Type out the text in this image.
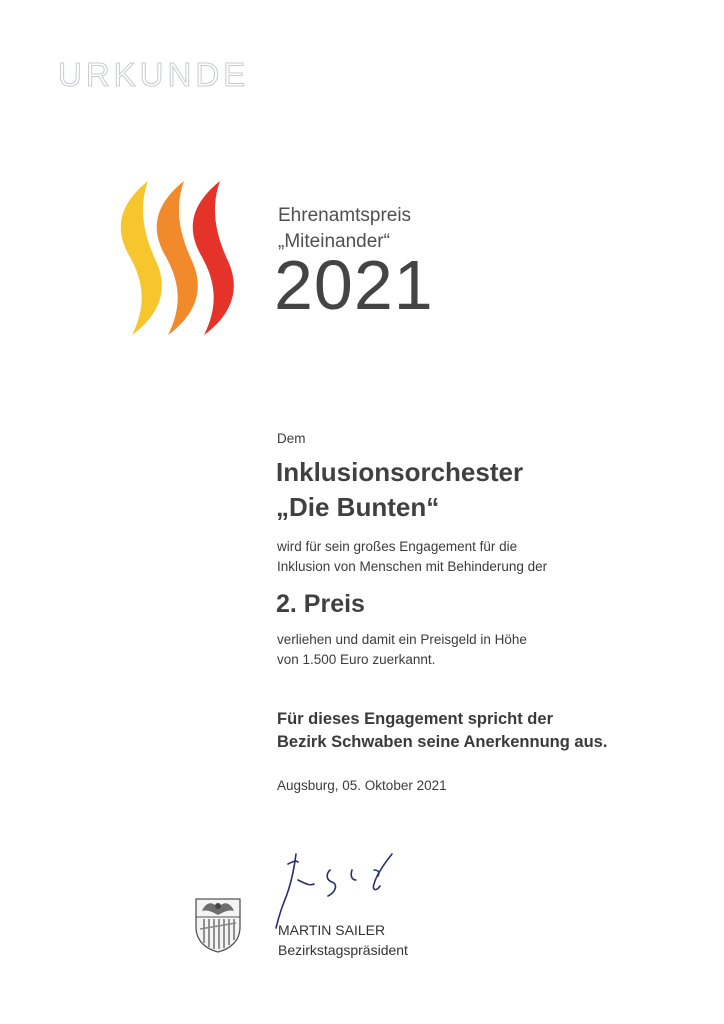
URKUNDE
Ehrenamtspreis
„Miteinander“
2021
Dem
Inklusionsorchester
„Die Bunten“
wird für sein großes Engagement für die
Inklusion von Menschen mit Behinderung der
2. Preis
verliehen und damit ein Preisgeld in Höhe
von 1.500 Euro zuerkannt.
Für dieses Engagement spricht der
Bezirk Schwaben seine Anerkennung aus.
Augsburg, 05. Oktober 2021
MARTIN SAILER
Bezirkstagspräsident
